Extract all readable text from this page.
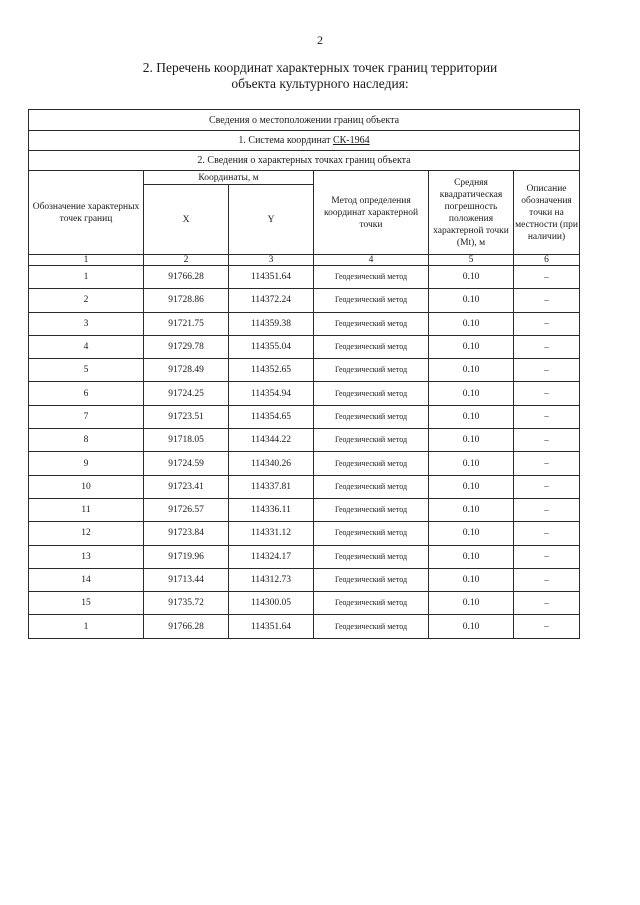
2
2. Перечень координат характерных точек границ территории
объекта культурного наследия:
Сведения о местоположении границ объекта					
1. Система координат СК-1964					
2. Сведения о характерных точках границ объекта					
Обозначение характерных точек границ	Координаты, м		Метод определения координат характерной точки	Средняя квадратическая погрешность положения характерной точки (Mt), м	Описание обозначения точки на местности (при наличии)
	X	Y			
1	2	3	4	5	6
1	91766.28	114351.64	Геодезический метод	0.10	–
2	91728.86	114372.24	Геодезический метод	0.10	–
3	91721.75	114359.38	Геодезический метод	0.10	–
4	91729.78	114355.04	Геодезический метод	0.10	–
5	91728.49	114352.65	Геодезический метод	0.10	–
6	91724.25	114354.94	Геодезический метод	0.10	–
7	91723.51	114354.65	Геодезический метод	0.10	–
8	91718.05	114344.22	Геодезический метод	0.10	–
9	91724.59	114340.26	Геодезический метод	0.10	–
10	91723.41	114337.81	Геодезический метод	0.10	–
11	91726.57	114336.11	Геодезический метод	0.10	–
12	91723.84	114331.12	Геодезический метод	0.10	–
13	91719.96	114324.17	Геодезический метод	0.10	–
14	91713.44	114312.73	Геодезический метод	0.10	–
15	91735.72	114300.05	Геодезический метод	0.10	–
1	91766.28	114351.64	Геодезический метод	0.10	–
